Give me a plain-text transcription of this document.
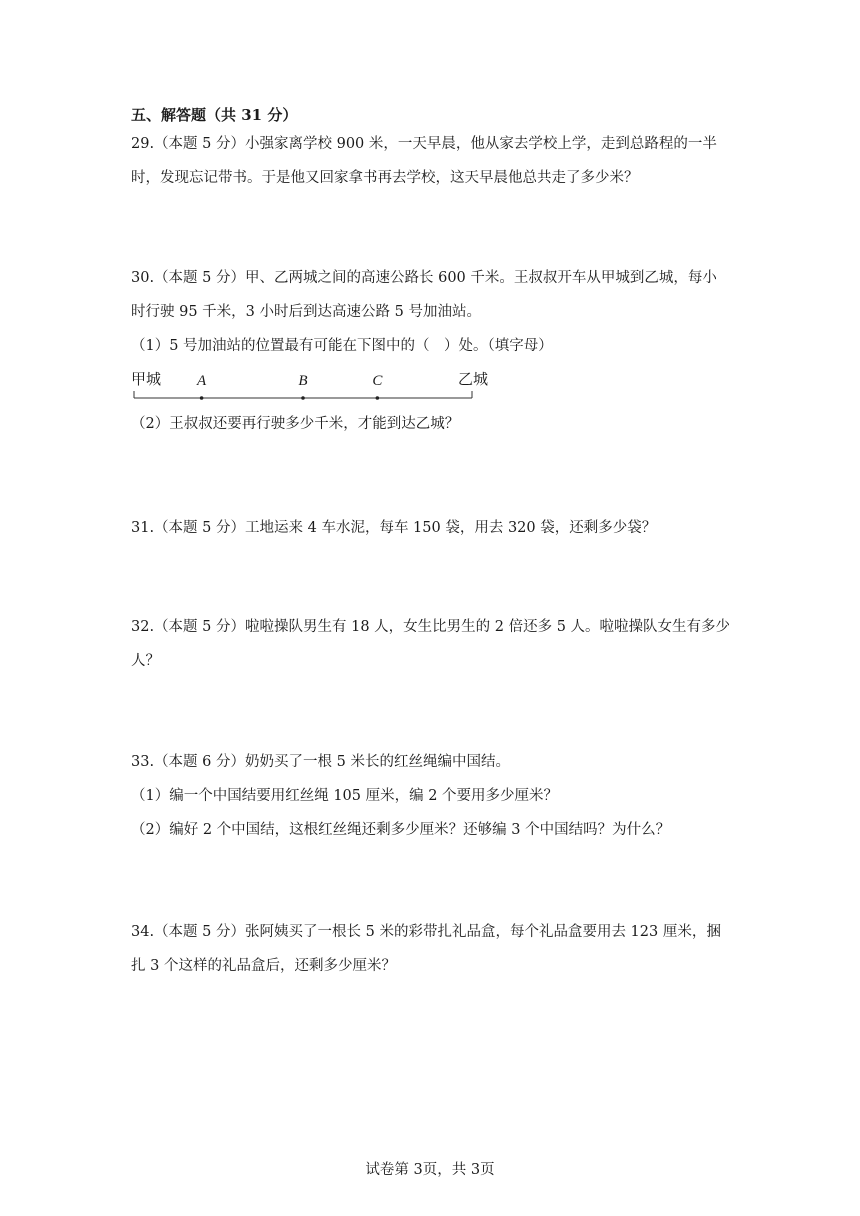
五、解答题（共 31 分）
29.（本题 5 分）小强家离学校 900 米，一天早晨，他从家去学校上学，走到总路程的一半
时，发现忘记带书。于是他又回家拿书再去学校，这天早晨他总共走了多少米？
30.（本题 5 分）甲、乙两城之间的高速公路长 600 千米。王叔叔开车从甲城到乙城，每小
时行驶 95 千米，3 小时后到达高速公路 5 号加油站。
（1）5 号加油站的位置最有可能在下图中的（　）处。（填字母）
甲城	乙城
A	B	C
（2）王叔叔还要再行驶多少千米，才能到达乙城？
31.（本题 5 分）工地运来 4 车水泥，每车 150 袋，用去 320 袋，还剩多少袋？
32.（本题 5 分）啦啦操队男生有 18 人，女生比男生的 2 倍还多 5 人。啦啦操队女生有多少
人？
33.（本题 6 分）奶奶买了一根 5 米长的红丝绳编中国结。
（1）编一个中国结要用红丝绳 105 厘米，编 2 个要用多少厘米？
（2）编好 2 个中国结，这根红丝绳还剩多少厘米？还够编 3 个中国结吗？为什么？
34.（本题 5 分）张阿姨买了一根长 5 米的彩带扎礼品盒，每个礼品盒要用去 123 厘米，捆
扎 3 个这样的礼品盒后，还剩多少厘米？
试卷第 3页，共 3页
